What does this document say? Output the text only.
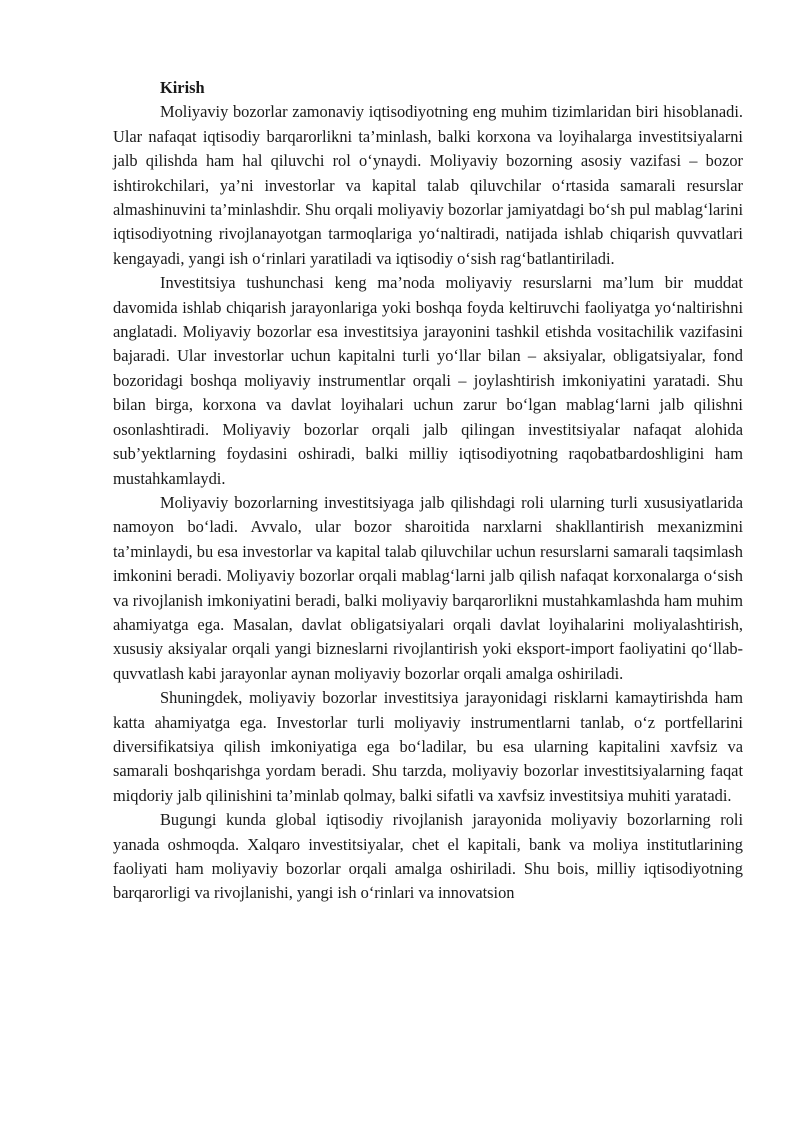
Kirish

Moliyaviy bozorlar zamonaviy iqtisodiyotning eng muhim tizimlaridan biri hisoblanadi. Ular nafaqat iqtisodiy barqarorlikni ta’minlash, balki korxona va loyihalarga investitsiyalarni jalb qilishda ham hal qiluvchi rol o‘ynaydi. Moliyaviy bozorning asosiy vazifasi – bozor ishtirokchilari, ya’ni investorlar va kapital talab qiluvchilar o‘rtasida samarali resurslar almashinuvini ta’minlashdir. Shu orqali moliyaviy bozorlar jamiyatdagi bo‘sh pul mablag‘larini iqtisodiyotning rivojlanayotgan tarmoqlariga yo‘naltiradi, natijada ishlab chiqarish quvvatlari kengayadi, yangi ish o‘rinlari yaratiladi va iqtisodiy o‘sish rag‘batlantiriladi.

Investitsiya tushunchasi keng ma’noda moliyaviy resurslarni ma’lum bir muddat davomida ishlab chiqarish jarayonlariga yoki boshqa foyda keltiruvchi faoliyatga yo‘naltirishni anglatadi. Moliyaviy bozorlar esa investitsiya jarayonini tashkil etishda vositachilik vazifasini bajaradi. Ular investorlar uchun kapitalni turli yo‘llar bilan – aksiyalar, obligatsiyalar, fond bozoridagi boshqa moliyaviy instrumentlar orqali – joylashtirish imkoniyatini yaratadi. Shu bilan birga, korxona va davlat loyihalari uchun zarur bo‘lgan mablag‘larni jalb qilishni osonlashtiradi. Moliyaviy bozorlar orqali jalb qilingan investitsiyalar nafaqat alohida sub’yektlarning foydasini oshiradi, balki milliy iqtisodiyotning raqobatbardoshligini ham mustahkamlaydi.

Moliyaviy bozorlarning investitsiyaga jalb qilishdagi roli ularning turli xususiyatlarida namoyon bo‘ladi. Avvalo, ular bozor sharoitida narxlarni shakllantirish mexanizmini ta’minlaydi, bu esa investorlar va kapital talab qiluvchilar uchun resurslarni samarali taqsimlash imkonini beradi. Moliyaviy bozorlar orqali mablag‘larni jalb qilish nafaqat korxonalarga o‘sish va rivojlanish imkoniyatini beradi, balki moliyaviy barqarorlikni mustahkamlashda ham muhim ahamiyatga ega. Masalan, davlat obligatsiyalari orqali davlat loyihalarini moliyalashtirish, xususiy aksiyalar orqali yangi bizneslarni rivojlantirish yoki eksport-import faoliyatini qo‘llab-quvvatlash kabi jarayonlar aynan moliyaviy bozorlar orqali amalga oshiriladi.

Shuningdek, moliyaviy bozorlar investitsiya jarayonidagi risklarni kamaytirishda ham katta ahamiyatga ega. Investorlar turli moliyaviy instrumentlarni tanlab, o‘z portfellarini diversifikatsiya qilish imkoniyatiga ega bo‘ladilar, bu esa ularning kapitalini xavfsiz va samarali boshqarishga yordam beradi. Shu tarzda, moliyaviy bozorlar investitsiyalarning faqat miqdoriy jalb qilinishini ta’minlab qolmay, balki sifatli va xavfsiz investitsiya muhiti yaratadi.

Bugungi kunda global iqtisodiy rivojlanish jarayonida moliyaviy bozorlarning roli yanada oshmoqda. Xalqaro investitsiyalar, chet el kapitali, bank va moliya institutlarining faoliyati ham moliyaviy bozorlar orqali amalga oshiriladi. Shu bois, milliy iqtisodiyotning barqarorligi va rivojlanishi, yangi ish o‘rinlari va innovatsion
